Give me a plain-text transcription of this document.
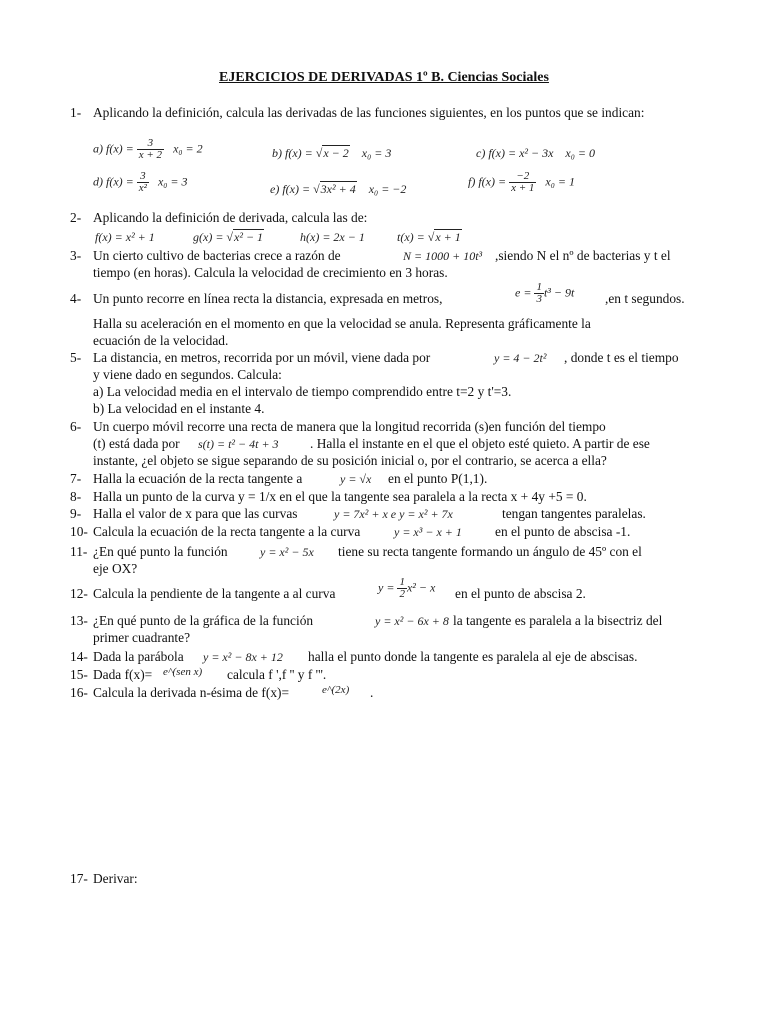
EJERCICIOS DE DERIVADAS 1º B. Ciencias Sociales
1- Aplicando la definición, calcula las derivadas de las funciones siguientes, en los puntos que se indican:
a) $f(x) = \frac{3}{x + 2} x_0 = 2$	b) f(x) = √x − 2 x₀ = 3	c) f(x) = x² − 3x x₀ = 0
d) $f(x) = \frac{3}{\text{x²}} x_0 = 3$
e) f(x) = √3x² + 4 x₀ = −2
f) $f(x) = \frac{-2}{x + 1} x_0 = 1$
2- Aplicando la definición de derivada, calcula las de:
f(x) = x² + 1	g(x) = √x² − 1	h(x) = 2x − 1	t(x) = √x + 1
3- Un cierto cultivo de bacterias crece a razón de	N = 1000 + 10t³ ,siendo N el nº de bacterias y t el
tiempo (en horas). Calcula la velocidad de crecimiento en 3 horas.
4- Un punto recorre en línea recta la distancia, expresada en metros,	$e = \frac{1}{3} t^3 - 9t$ ,en t segundos.
Halla su aceleración en el momento en que la velocidad se anula. Representa gráficamente la
ecuación de la velocidad.
5- La distancia, en metros, recorrida por un móvil, viene dada por	y = 4 − 2t² , donde t es el tiempo
y viene dado en segundos. Calcula:
a) La velocidad media en el intervalo de tiempo comprendido entre t=2 y t'=3.
b) La velocidad en el instante 4.
6- Un cuerpo móvil recorre una recta de manera que la longitud recorrida (s)en función del tiempo
(t) está dada por s(t) = t² − 4t + 3 . Halla el instante en el que el objeto esté quieto. A partir de ese
instante, ¿el objeto se sigue separando de su posición inicial o, por el contrario, se acerca a ella?
7- Halla la ecuación de la recta tangente a	y = √x en el punto P(1,1).
8- Halla un punto de la curva y = 1/x en el que la tangente sea paralela a la recta x + 4y +5 = 0.
9- Halla el valor de x para que las curvas	y = 7x² + x e y = x² + 7x	tengan tangentes paralelas.
10- Calcula la ecuación de la recta tangente a la curva	y = x³ − x + 1 en el punto de abscisa -1.
11- ¿En qué punto la función	y = x² − 5x tiene su recta tangente formando un ángulo de 45º con el
eje OX?
12- Calcula la pendiente de la tangente a al curva	$y = \frac{1}{2} x^2 - x$ en el punto de abscisa 2.
13- ¿En qué punto de la gráfica de la función	y = x² − 6x + 8 la tangente es paralela a la bisectriz del
primer cuadrante?
14- Dada la parábola y = x² − 8x + 12 halla el punto donde la tangente es paralela al eje de abscisas.
15- Dada f(x)= e^(sen x) calcula f ',f '' y f '''.
16- Calcula la derivada n-ésima de f(x)=	e^(2x) .
17- Derivar:
